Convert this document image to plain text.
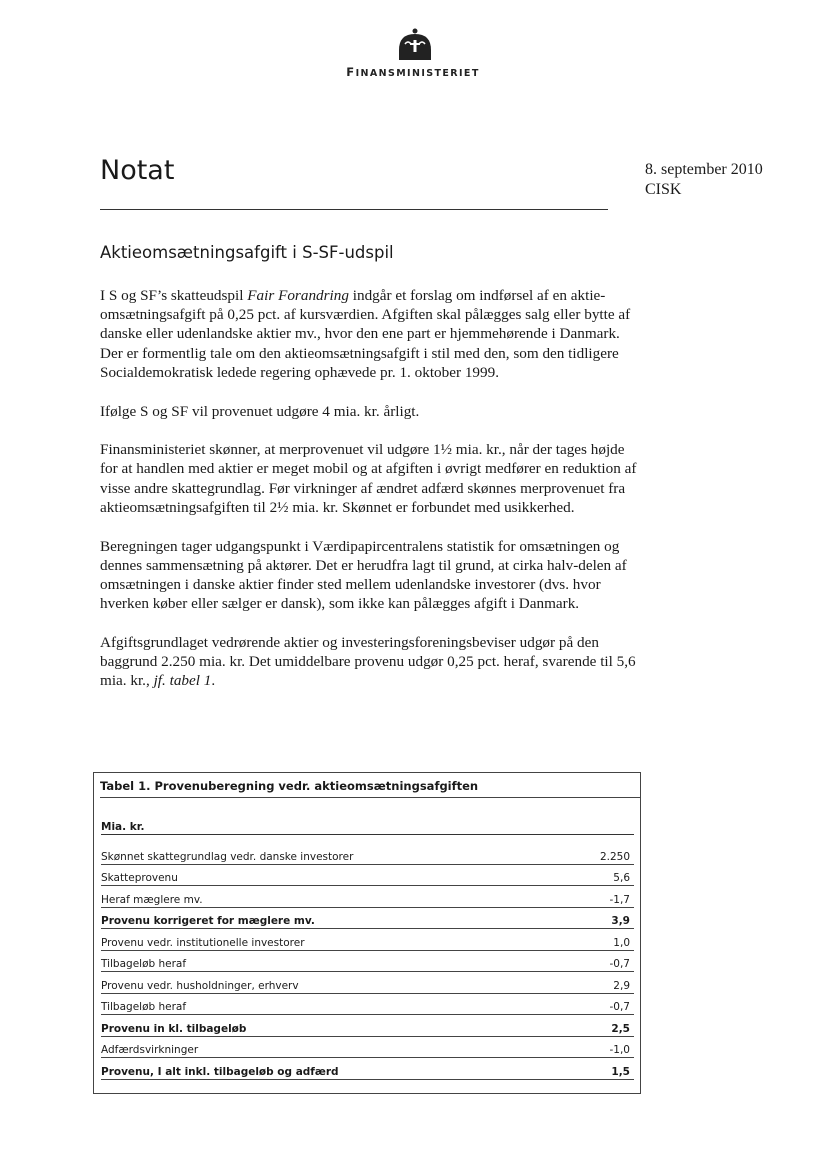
FINANSMINISTERIET
Notat	8. september 2010
CISK
Aktieomsætningsafgift i S-SF-udspil

I S og SF’s skatteudspil Fair Forandring indgår et forslag om indførsel af en aktie-omsætningsafgift på 0,25 pct. af kursværdien. Afgiften skal pålægges salg eller bytte af danske eller udenlandske aktier mv., hvor den ene part er hjemmehørende i Danmark. Der er formentlig tale om den aktieomsætningsafgift i stil med den, som den tidligere Socialdemokratisk ledede regering ophævede pr. 1. oktober 1999.

Ifølge S og SF vil provenuet udgøre 4 mia. kr. årligt.

Finansministeriet skønner, at merprovenuet vil udgøre 1½ mia. kr., når der tages højde for at handlen med aktier er meget mobil og at afgiften i øvrigt medfører en reduktion af visse andre skattegrundlag. Før virkninger af ændret adfærd skønnes merprovenuet fra aktieomsætningsafgiften til 2½ mia. kr. Skønnet er forbundet med usikkerhed.

Beregningen tager udgangspunkt i Værdipapircentralens statistik for omsætningen og dennes sammensætning på aktører. Det er herudfra lagt til grund, at cirka halv-delen af omsætningen i danske aktier finder sted mellem udenlandske investorer (dvs. hvor hverken køber eller sælger er dansk), som ikke kan pålægges afgift i Danmark.

Afgiftsgrundlaget vedrørende aktier og investeringsforeningsbeviser udgør på den baggrund 2.250 mia. kr. Det umiddelbare provenu udgør 0,25 pct. heraf, svarende til 5,6 mia. kr., jf. tabel 1.

Tabel 1. Provenuberegning vedr. aktieomsætningsafgiften
Mia. kr.
Skønnet skattegrundlag vedr. danske investorer	2.250
Skatteprovenu	5,6
Heraf mæglere mv.	-1,7
Provenu korrigeret for mæglere mv.	3,9
Provenu vedr. institutionelle investorer	1,0
Tilbageløb heraf	-0,7
Provenu vedr. husholdninger, erhverv	2,9
Tilbageløb heraf	-0,7
Provenu in kl. tilbageløb	2,5
Adfærdsvirkninger	-1,0
Provenu, I alt inkl. tilbageløb og adfærd	1,5
